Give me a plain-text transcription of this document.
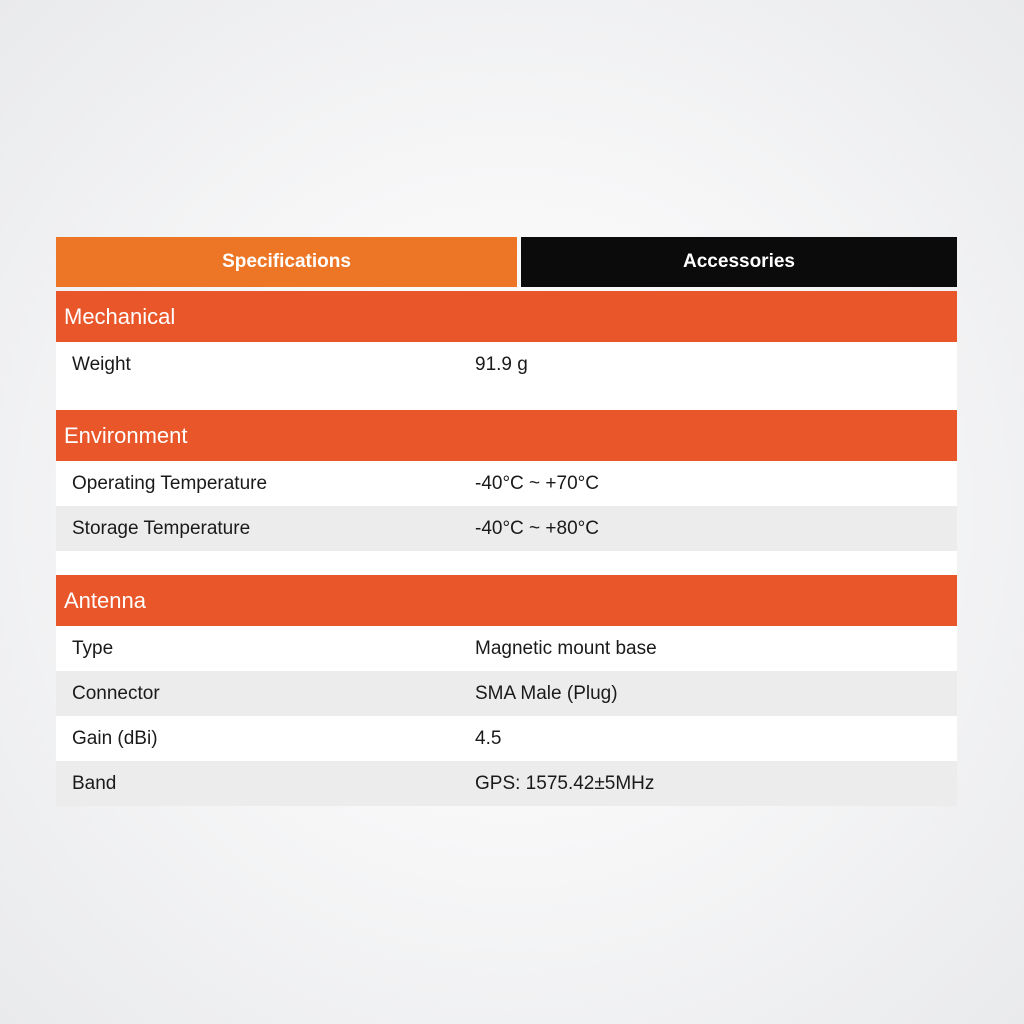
Specifications	Accessories
Mechanical
Weight	91.9 g
Environment
Operating Temperature	-40°C ~ +70°C
Storage Temperature	-40°C ~ +80°C
Antenna
Type	Magnetic mount base
Connector	SMA Male (Plug)
Gain (dBi)	4.5
Band	GPS: 1575.42±5MHz
